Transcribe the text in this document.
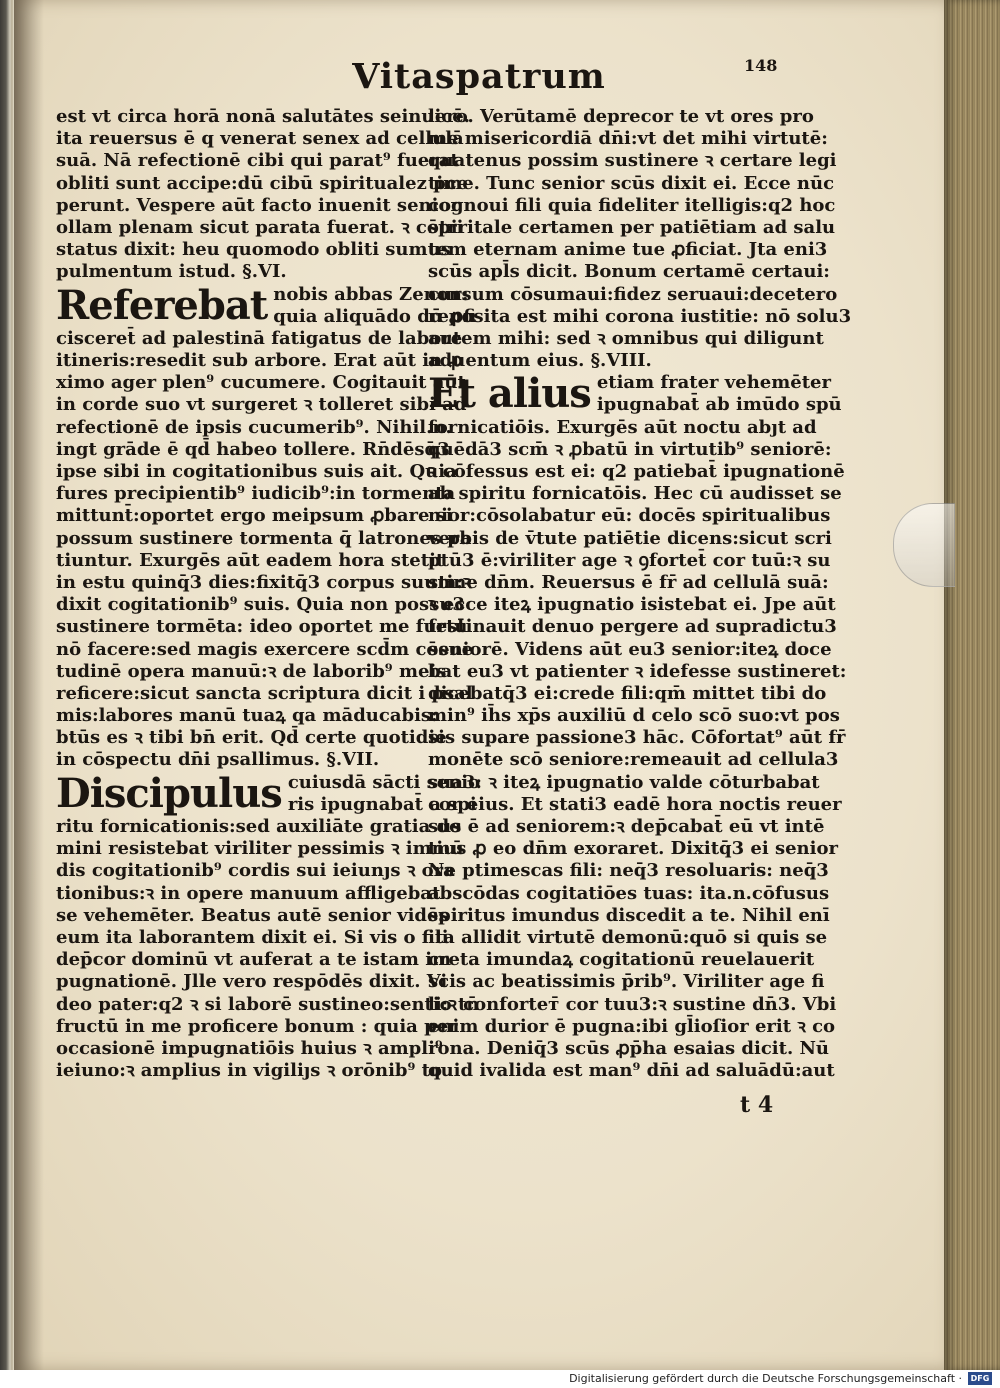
Vitaspatrum	148
est vt circa horā nonā salutātes seinuicē.
ita reuersus ē q venerat senex ad cellulā
suā. Nā refectionē cibi qui parat⁹ fuerat
obliti sunt accipe:dū cibū spiritualez pce
perunt. Vespere aūt facto inuenit senior
ollam plenam sicut parata fuerat. ꝛ cōtri
status dixit: heu quomodo obliti sumus
pulmentum istud. §.VI.
Referebat nobis abbas Zenon:
quia aliquādo dū ꝓfi
cisceret̄ ad palestinā fatigatus de labore
itineris:resedit sub arbore. Erat aūt in ꝓ
ximo ager plen⁹ cucumere. Cogitauit aūt
in corde suo vt surgeret ꝛ tolleret sibi ad
refectionē de ipsis cucumerib⁹. Nihil.n.
ingt grāde ē qd̄ habeo tollere. Rn̄dēsq̄3
ipse sibi in cogitationibus suis ait. Quia
fures precipientib⁹ iudicib⁹:in tormenta
mittunt̄:oportet ergo meipsum ꝓbare si
possum sustinere tormenta q̄ latrones pa
tiuntur. Exurgēs aūt eadem hora stetit
in estu quinq̄3 dies:fixitq̄3 corpus suum:ꝛ
dixit cogitationib⁹ suis. Quia non possu3
sustinere tormēta: ideo oportet me furtū
nō facere:sed magis exercere scd̄m cōsue
tudinē opera manuū:ꝛ de laborib⁹ meis
reficere:sicut sancta scriptura dicit i psal
mis:labores manū tuaꝝ qa māducabis:
btūs es ꝛ tibi bn̄ erit. Qd̄ certe quotidie
in cōspectu dn̄i psallimus. §.VII.
Discipulus cuiusdā sācti senio
ris ipugnabat̄ a spi
ritu fornicationis:sed auxiliāte gratia do
mini resistebat viriliter pessimis ꝛ immū
dis cogitationib⁹ cordis sui ieiunȷs ꝛ ora
tionibus:ꝛ in opere manuum affligebat
se vehemēter. Beatus autē senior vidēs
eum ita laborantem dixit ei. Si vis o fili
dep̄cor dominū vt auferat a te istam im
pugnationē. Jlle vero respōdēs dixit. Vi
deo pater:q2 ꝛ si laborē sustineo:sentio tn̄
fructū in me proficere bonum : quia per
occasionē impugnatiōis huius ꝛ ampli⁹
ieiuno:ꝛ amplius in vigiliȷs ꝛ orōnib⁹ to
lero. Verūtamē deprecor te vt ores pro
me misericordiā dn̄i:vt det mihi virtutē:
quatenus possim sustinere ꝛ certare legi
time. Tunc senior scūs dixit ei. Ecce nūc
cognoui fili quia fideliter itelligis:q2 hoc
spiritale certamen per patiētiam ad salu
tem eternam anime tue ꝓficiat. Jta eni3
scūs apl̄s dicit. Bonum certamē certaui:
cursum cōsumaui:fidez seruaui:decetero
reposita est mihi corona iustitie: nō solu3
autem mihi: sed ꝛ omnibus qui diligunt
aduentum eius. §.VIII.
Et alius etiam frater vehemēter
ipugnabat̄ ab imūdo spū
fornicatiōis. Exurgēs aūt noctu abȷt ad
quēdā3 scm̄ ꝛ ꝓbatū in virtutib⁹ seniorē:
ꝛ cōfessus est ei: q2 patiebat̄ ipugnationē
ab spiritu fornicatōis. Hec cū audisset se
nior:cōsolabatur eū: docēs spiritualibus
verbis de v̄tute patiētie dicens:sicut scri
ptū3 ē:viriliter age ꝛ ꝯfortet̄ cor tuū:ꝛ su
stine dn̄m. Reuersus ē fr̄ ad cellulā suā:
ꝛ ecce iteꝝ ipugnatio isistebat ei. Jpe aūt
festinauit denuo pergere ad supradictu3
seniorē. Videns aūt eu3 senior:iteꝝ doce
bat eu3 vt patienter ꝛ idefesse sustineret:
dicebatq̄3 ei:crede fili:qm̄ mittet tibi do
min⁹ ih̄s xp̄s auxiliū d celo scō suo:vt pos
sis supare passione3 hāc. Cōfortat⁹ aūt fr̄
monēte scō seniore:remeauit ad cellula3
sua3: ꝛ iteꝝ ipugnatio valde cōturbabat
cor eius. Et stati3 eadē hora noctis reuer
sus ē ad seniorem:ꝛ dep̄cabat̄ eū vt intē
tius ꝓ eo dn̄m exoraret. Dixitq̄3 ei senior
Ne ptimescas fili: neq̄3 resoluaris: neq̄3
abscōdas cogitatiōes tuas: ita.n.cōfusus
spiritus imundus discedit a te. Nihil enī
ita allidit virtutē demonū:quō si quis se
creta imundaꝝ cogitationū reuelauerit
scis ac beatissimis p̄rib⁹. Viriliter age fi
li:ꝛ conforteт̄ cor tuu3:ꝛ sustine dn̄3. Vbi
enim durior ē pugna:ibi gl̄ioſior erit ꝛ co
rona. Deniq̄3 scūs ꝓp̄ha esaias dicit. Nū
quid ivalida est man⁹ dn̄i ad saluādū:aut
t 4
Digitalisierung gefördert durch die Deutsche Forschungsgemeinschaft ·	DFG
